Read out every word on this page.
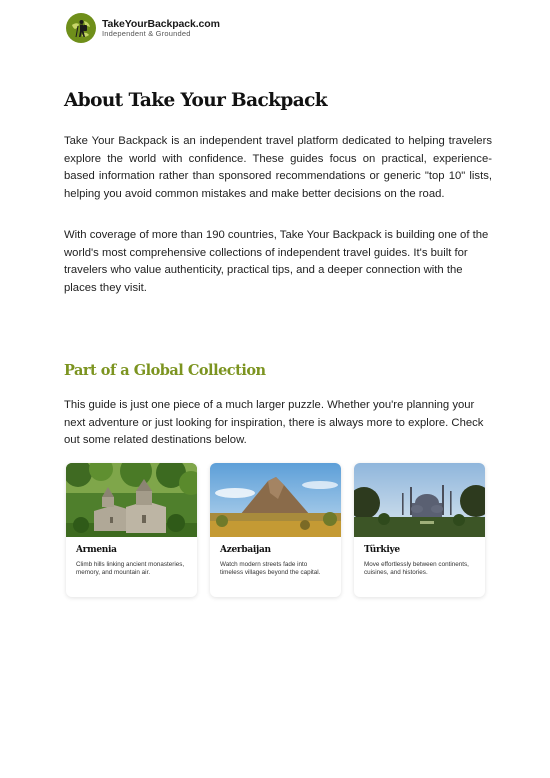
TakeYourBackpack.com
Independent & Grounded
About Take Your Backpack

Take Your Backpack is an independent travel platform dedicated to helping travelers explore the world with confidence. These guides focus on practical, experience-based information rather than sponsored recommendations or generic "top 10" lists, helping you avoid common mistakes and make better decisions on the road.

With coverage of more than 190 countries, Take Your Backpack is building one of the world's most comprehensive collections of independent travel guides. It's built for travelers who value authenticity, practical tips, and a deeper connection with the places they visit.

Part of a Global Collection

This guide is just one piece of a much larger puzzle. Whether you're planning your next adventure or just looking for inspiration, there is always more to explore. Check out some related destinations below.

Armenia
Climb hills linking ancient monasteries, memory, and mountain air.
Azerbaijan
Watch modern streets fade into timeless villages beyond the capital.
Türkiye
Move effortlessly between continents, cuisines, and histories.
